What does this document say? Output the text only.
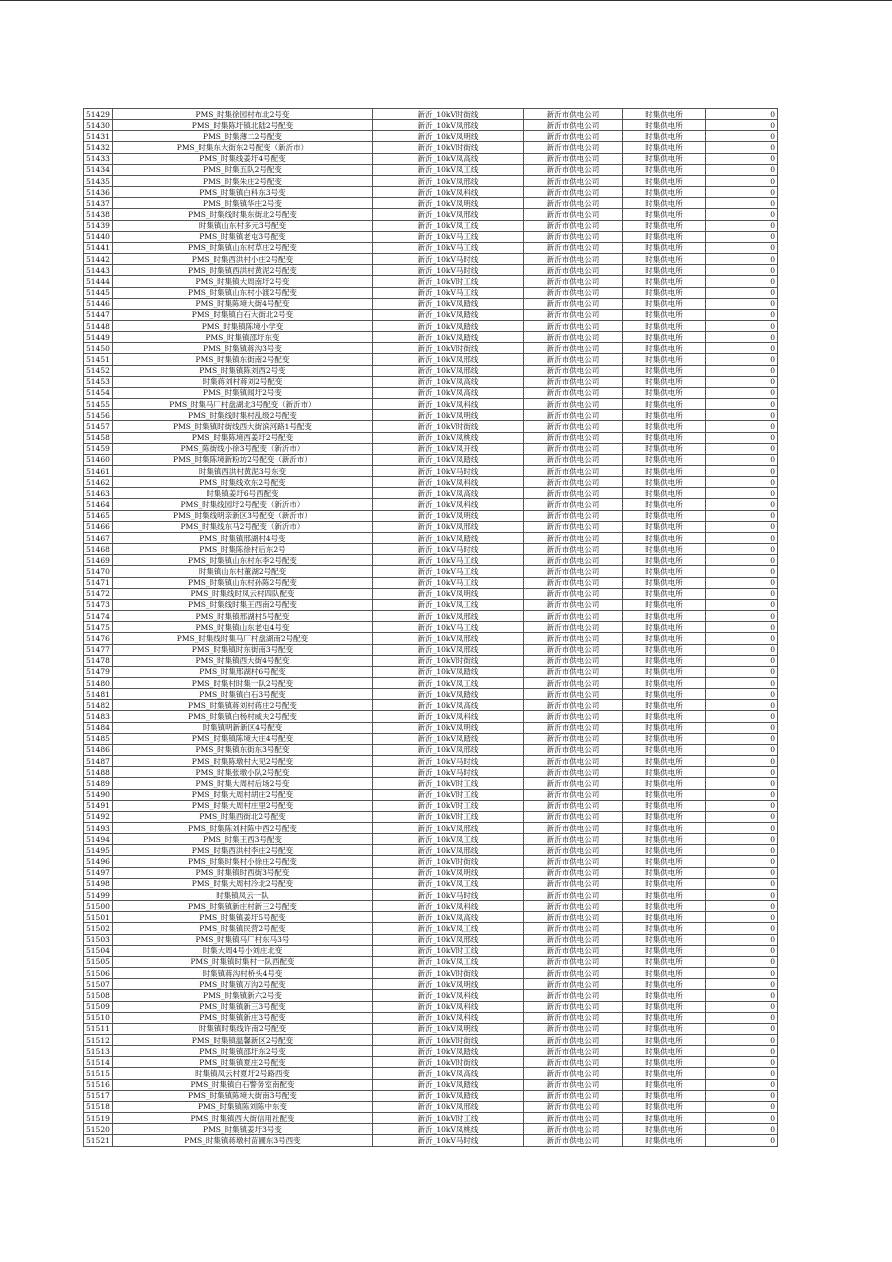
51429	PMS_时集徐园村布北2号变	新沂_10kV时街线	新沂市供电公司	时集供电所	0
51430	PMS_时集陈圩镇北陆2号配变	新沂_10kV凤邢线	新沂市供电公司	时集供电所	0
51431	PMS_时集薄二2号配变	新沂_10kV凤明线	新沂市供电公司	时集供电所	0
51432	PMS_时集东大街东2号配变（新沂市）	新沂_10kV时街线	新沂市供电公司	时集供电所	0
51433	PMS_时集线姜圩4号配变	新沂_10kV凤高线	新沂市供电公司	时集供电所	0
51434	PMS_时集五队2号配变	新沂_10kV凤工线	新沂市供电公司	时集供电所	0
51435	PMS_时集朱庄2号配变	新沂_10kV凤邢线	新沂市供电公司	时集供电所	0
51436	PMS_时集镇白科东3号变	新沂_10kV凤科线	新沂市供电公司	时集供电所	0
51437	PMS_时集镇华庄2号变	新沂_10kV凤明线	新沂市供电公司	时集供电所	0
51438	PMS_时集线时集东街北2号配变	新沂_10kV凤邢线	新沂市供电公司	时集供电所	0
51439	时集镇山东村多元3号配变	新沂_10kV凤工线	新沂市供电公司	时集供电所	0
51440	PMS_时集镇老屯3号配变	新沂_10kV马工线	新沂市供电公司	时集供电所	0
51441	PMS_时集镇山东村草庄2号配变	新沂_10kV马工线	新沂市供电公司	时集供电所	0
51442	PMS_时集西洪村小庄2号配变	新沂_10kV马时线	新沂市供电公司	时集供电所	0
51443	PMS_时集镇西洪村黄泥2号配变	新沂_10kV马时线	新沂市供电公司	时集供电所	0
51444	PMS_时集镇大周南圩2号变	新沂_10kV时工线	新沂市供电公司	时集供电所	0
51445	PMS_时集镇山东村小渡2号配变	新沂_10kV马工线	新沂市供电公司	时集供电所	0
51446	PMS_时集陈境大街4号配变	新沂_10kV凤踏线	新沂市供电公司	时集供电所	0
51447	PMS_时集镇白石大街北2号变	新沂_10kV凤踏线	新沂市供电公司	时集供电所	0
51448	PMS_时集镇陈境小学变	新沂_10kV凤踏线	新沂市供电公司	时集供电所	0
51449	PMS_时集镇邵圩东变	新沂_10kV凤踏线	新沂市供电公司	时集供电所	0
51450	PMS_时集镇蒋沟3号变	新沂_10kV时街线	新沂市供电公司	时集供电所	0
51451	PMS_时集镇东街南2号配变	新沂_10kV凤邢线	新沂市供电公司	时集供电所	0
51452	PMS_时集镇陈刘西2号变	新沂_10kV凤邢线	新沂市供电公司	时集供电所	0
51453	时集蒋刘村蒋刘2号配变	新沂_10kV凤高线	新沂市供电公司	时集供电所	0
51454	PMS_时集镇闻圩2号变	新沂_10kV凤高线	新沂市供电公司	时集供电所	0
51455	PMS_时集马厂村盘湖北3号配变（新沂市）	新沂_10kV凤科线	新沂市供电公司	时集供电所	0
51456	PMS_时集线时集村乱级2号配变	新沂_10kV凤明线	新沂市供电公司	时集供电所	0
51457	PMS_时集镇时街线西大街滨河路1号配变	新沂_10kV时街线	新沂市供电公司	时集供电所	0
51458	PMS_时集陈境西姜圩2号配变	新沂_10kV凤桃线	新沂市供电公司	时集供电所	0
51459	PMS_陈街线小徐3号配变（新沂市）	新沂_10kV凤开线	新沂市供电公司	时集供电所	0
51460	PMS_时集陈境新粉坊2号配变（新沂市）	新沂_10kV凤踏线	新沂市供电公司	时集供电所	0
51461	时集镇西洪村黄泥3号东变	新沂_10kV马时线	新沂市供电公司	时集供电所	0
51462	PMS_时集线欢东2号配变	新沂_10kV凤科线	新沂市供电公司	时集供电所	0
51463	时集镇姜圩6号西配变	新沂_10kV凤高线	新沂市供电公司	时集供电所	0
51464	PMS_时集线园圩2号配变（新沂市）	新沂_10kV凤科线	新沂市供电公司	时集供电所	0
51465	PMS_时集线明亲新区3号配变（新沂市）	新沂_10kV凤明线	新沂市供电公司	时集供电所	0
51466	PMS_时集线东马2号配变（新沂市）	新沂_10kV凤邢线	新沂市供电公司	时集供电所	0
51467	PMS_时集镇邢湖村4号变	新沂_10kV凤踏线	新沂市供电公司	时集供电所	0
51468	PMS_时集陈徐村后东2号	新沂_10kV马时线	新沂市供电公司	时集供电所	0
51469	PMS_时集镇山东村东李2号配变	新沂_10kV马工线	新沂市供电公司	时集供电所	0
51470	时集镇山东村董湖2号配变	新沂_10kV马工线	新沂市供电公司	时集供电所	0
51471	PMS_时集镇山东村孙陈2号配变	新沂_10kV马工线	新沂市供电公司	时集供电所	0
51472	PMS_时集线时凤云村四队配变	新沂_10kV凤明线	新沂市供电公司	时集供电所	0
51473	PMS_时集线时集王西南2号配变	新沂_10kV凤工线	新沂市供电公司	时集供电所	0
51474	PMS_时集镇邢湖村5号配变	新沂_10kV凤邢线	新沂市供电公司	时集供电所	0
51475	PMS_时集镇山东老屯4号变	新沂_10kV马工线	新沂市供电公司	时集供电所	0
51476	PMS_时集线时集马厂村盘湖南2号配变	新沂_10kV凤邢线	新沂市供电公司	时集供电所	0
51477	PMS_时集镇时东街南3号配变	新沂_10kV凤邢线	新沂市供电公司	时集供电所	0
51478	PMS_时集镇西大街4号配变	新沂_10kV时街线	新沂市供电公司	时集供电所	0
51479	PMS_时集邢湖村6号配变	新沂_10kV凤踏线	新沂市供电公司	时集供电所	0
51480	PMS_时集村时集一队2号配变	新沂_10kV凤工线	新沂市供电公司	时集供电所	0
51481	PMS_时集镇白石3号配变	新沂_10kV凤踏线	新沂市供电公司	时集供电所	0
51482	PMS_时集镇蒋刘村蒋庄2号配变	新沂_10kV凤高线	新沂市供电公司	时集供电所	0
51483	PMS_时集镇白杨村威夫2号配变	新沂_10kV凤科线	新沂市供电公司	时集供电所	0
51484	时集镇明新新区4号配变	新沂_10kV凤明线	新沂市供电公司	时集供电所	0
51485	PMS_时集镇陈境大庄4号配变	新沂_10kV凤踏线	新沂市供电公司	时集供电所	0
51486	PMS_时集镇东街东3号配变	新沂_10kV凤邢线	新沂市供电公司	时集供电所	0
51487	PMS_时集陈墩村大见2号配变	新沂_10kV马时线	新沂市供电公司	时集供电所	0
51488	PMS_时集张墩小队2号配变	新沂_10kV马时线	新沂市供电公司	时集供电所	0
51489	PMS_时集大周村后场2号变	新沂_10kV时工线	新沂市供电公司	时集供电所	0
51490	PMS_时集大周村胡庄2号配变	新沂_10kV时工线	新沂市供电公司	时集供电所	0
51491	PMS_时集大周村庄里2号配变	新沂_10kV时工线	新沂市供电公司	时集供电所	0
51492	PMS_时集西街北2号配变	新沂_10kV时工线	新沂市供电公司	时集供电所	0
51493	PMS_时集陈刘村陈中西2号配变	新沂_10kV凤邢线	新沂市供电公司	时集供电所	0
51494	PMS_时集王西3号配变	新沂_10kV凤工线	新沂市供电公司	时集供电所	0
51495	PMS_时集西洪村李庄2号配变	新沂_10kV凤邢线	新沂市供电公司	时集供电所	0
51496	PMS_时集时集村小徐庄2号配变	新沂_10kV时街线	新沂市供电公司	时集供电所	0
51497	PMS_时集镇时西街3号配变	新沂_10kV凤明线	新沂市供电公司	时集供电所	0
51498	PMS_时集大周村冷北2号配变	新沂_10kV凤工线	新沂市供电公司	时集供电所	0
51499	时集镇凤云一队	新沂_10kV马时线	新沂市供电公司	时集供电所	0
51500	PMS_时集镇新庄村新三2号配变	新沂_10kV凤科线	新沂市供电公司	时集供电所	0
51501	PMS_时集镇姜圩5号配变	新沂_10kV凤高线	新沂市供电公司	时集供电所	0
51502	PMS_时集镇民营2号配变	新沂_10kV凤工线	新沂市供电公司	时集供电所	0
51503	PMS_时集镇马厂村东马3号	新沂_10kV凤邢线	新沂市供电公司	时集供电所	0
51504	时集大周4号小刘庄北变	新沂_10kV时工线	新沂市供电公司	时集供电所	0
51505	PMS_时集镇时集村一队西配变	新沂_10kV凤工线	新沂市供电公司	时集供电所	0
51506	时集镇蒋沟村桥头4号变	新沂_10kV时街线	新沂市供电公司	时集供电所	0
51507	PMS_时集镇万沟2号配变	新沂_10kV凤明线	新沂市供电公司	时集供电所	0
51508	PMS_时集镇新六2号变	新沂_10kV凤科线	新沂市供电公司	时集供电所	0
51509	PMS_时集镇新三3号配变	新沂_10kV凤科线	新沂市供电公司	时集供电所	0
51510	PMS_时集镇新庄3号配变	新沂_10kV凤科线	新沂市供电公司	时集供电所	0
51511	时集镇时集线许南2号配变	新沂_10kV凤明线	新沂市供电公司	时集供电所	0
51512	PMS_时集镇温馨新区2号配变	新沂_10kV时街线	新沂市供电公司	时集供电所	0
51513	PMS_时集镇邵圩东2号变	新沂_10kV凤踏线	新沂市供电公司	时集供电所	0
51514	PMS_时集镇夏庄2号配变	新沂_10kV时街线	新沂市供电公司	时集供电所	0
51515	时集镇凤云村夏圩2号路西变	新沂_10kV凤高线	新沂市供电公司	时集供电所	0
51516	PMS_时集镇白石警务室南配变	新沂_10kV凤踏线	新沂市供电公司	时集供电所	0
51517	PMS_时集镇陈境大街南3号配变	新沂_10kV凤踏线	新沂市供电公司	时集供电所	0
51518	PMS_时集镇陈刘陈中东变	新沂_10kV凤邢线	新沂市供电公司	时集供电所	0
51519	PMS_时集镇西大街信用社配变	新沂_10kV时工线	新沂市供电公司	时集供电所	0
51520	PMS_时集镇姜圩3号变	新沂_10kV凤桃线	新沂市供电公司	时集供电所	0
51521	PMS_时集镇蒋墩村苗圃东3号西变	新沂_10kV马时线	新沂市供电公司	时集供电所	0
